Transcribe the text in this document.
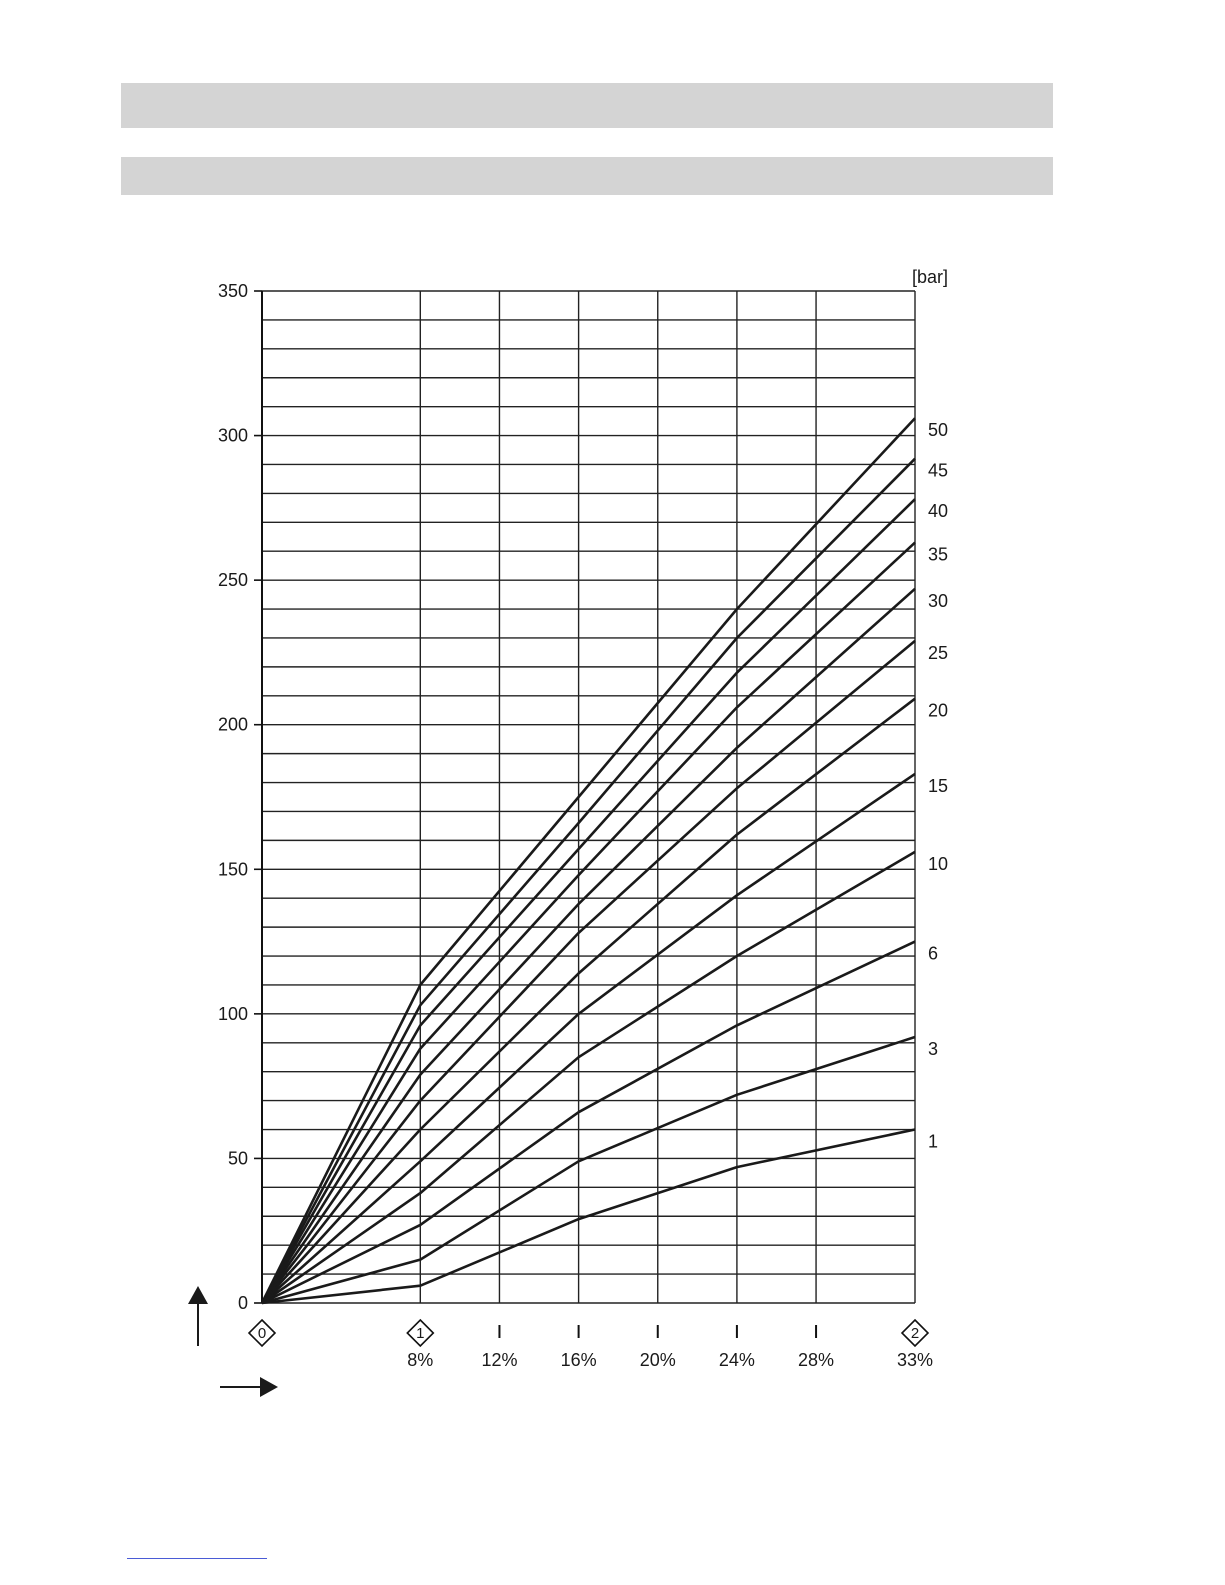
[bar]
0
50
100
150
200
250
300
350
0	1
8%	12% 16% 20% 24% 28%
2
33%
50
45
40
35
30
25
20
15
10
6
3
1
